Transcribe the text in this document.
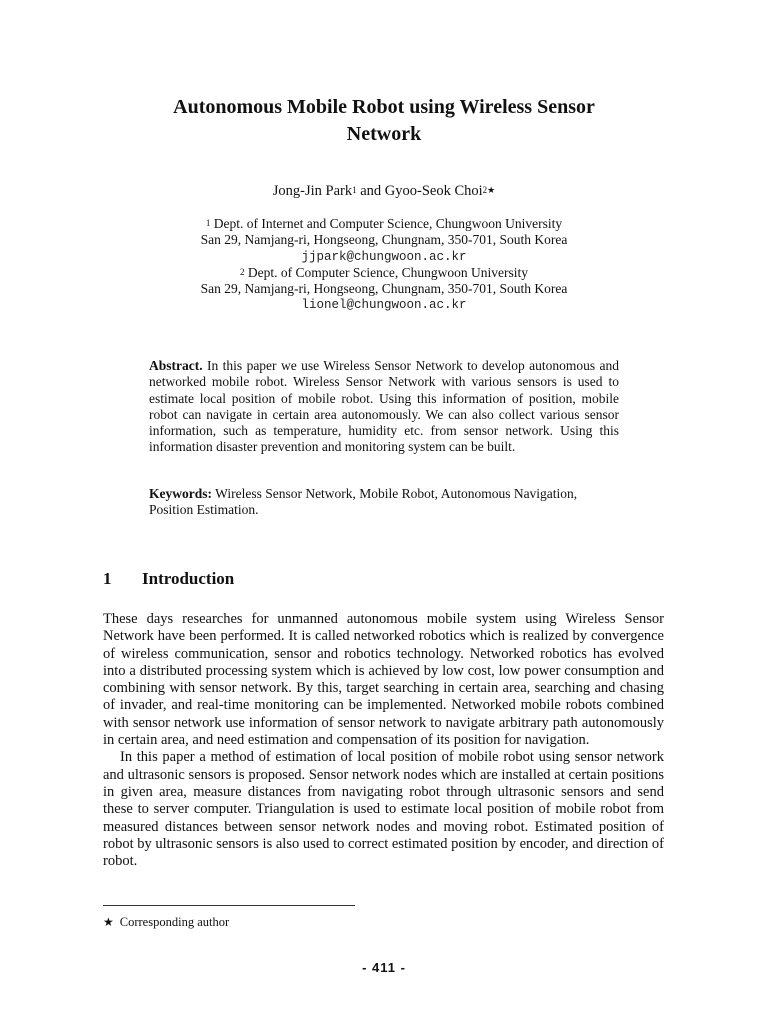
Autonomous Mobile Robot using Wireless Sensor
Network
Jong-Jin Park$^1$ and Gyoo-Seok Choi$^{2★}$
$^1$ Dept. of Internet and Computer Science, Chungwoon University
San 29, Namjang-ri, Hongseong, Chungnam, 350-701, South Korea
jjpark@chungwoon.ac.kr
$^2$ Dept. of Computer Science, Chungwoon University
San 29, Namjang-ri, Hongseong, Chungnam, 350-701, South Korea
lionel@chungwoon.ac.kr
Abstract. In this paper we use Wireless Sensor Network to develop autonomous and networked mobile robot. Wireless Sensor Network with various sensors is used to estimate local position of mobile robot. Using this information of position, mobile robot can navigate in certain area autonomously. We can also collect various sensor information, such as temperature, humidity etc. from sensor network. Using this information disaster prevention and monitoring system can be built.
Keywords: Wireless Sensor Network, Mobile Robot, Autonomous Navigation, Position Estimation.
1 Introduction

These days researches for unmanned autonomous mobile system using Wireless Sensor Network have been performed. It is called networked robotics which is realized by convergence of wireless communication, sensor and robotics technology. Networked robotics has evolved into a distributed processing system which is achieved by low cost, low power consumption and combining with sensor network. By this, target searching in certain area, searching and chasing of invader, and real-time monitoring can be implemented. Networked mobile robots combined with sensor network use information of sensor network to navigate arbitrary path autonomously in certain area, and need estimation and compensation of its position for navigation.

In this paper a method of estimation of local position of mobile robot using sensor network and ultrasonic sensors is proposed. Sensor network nodes which are installed at certain positions in given area, measure distances from navigating robot through ultrasonic sensors and send these to server computer. Triangulation is used to estimate local position of mobile robot from measured distances between sensor network nodes and moving robot. Estimated position of robot by ultrasonic sensors is also used to correct estimated position by encoder, and direction of robot.

★ Corresponding author
- 411 -
